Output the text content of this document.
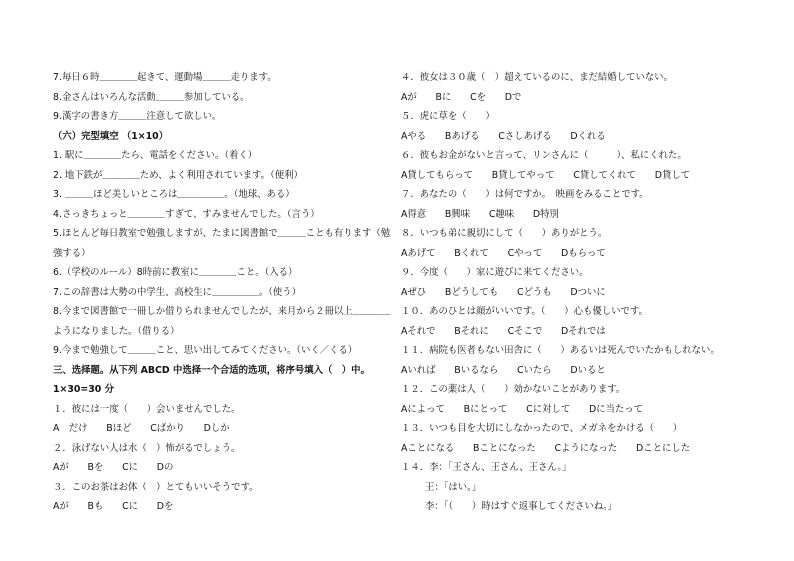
7.毎日６時＿＿＿＿起きて、運動場＿＿＿走ります。
8.金さんはいろんな活動＿＿＿参加している。
9.漢字の書き方＿＿＿注意して欲しい。
（六）完型填空 （1×10）
1. 駅に＿＿＿＿たら、電話をください。（着く）
2. 地下鉄が＿＿＿＿ため、よく利用されています。（便利）
3. ＿＿＿ほど美しいところは＿＿＿＿＿。（地球、ある）
4.さっきちょっと＿＿＿＿すぎて、すみませんでした。（言う）
5.ほとんど毎日教室で勉強しますが、たまに図書館で＿＿＿ことも有ります（勉
強する）
6.（学校のルール）8時前に教室に＿＿＿＿こと。（入る）
7.この辞書は大勢の中学生、高校生に＿＿＿＿＿。（使う）
8.今まで図書館で一冊しか借りられませんでしたが、来月から２冊以上＿＿＿＿
ようになりました。（借りる）
9.今まで勉強して＿＿＿こと、思い出してみてください。（いく／くる）
三、选择题。从下列 ABCD 中选择一个合适的选项，将序号填入（　）中。
1×30=30 分
１．彼には一度（　　）会いませんでした。
A　だけ　　Bほど　　Cばかり　　Dしか
２．泳げない人は水（　）怖がるでしょう。
Aが　　Bを　　Cに　　Dの
３．このお茶はお体（　）とてもいいそうです。
Aが　　Bも　　Cに　　Dを
４．彼女は３０歳（　）超えているのに、まだ結婚していない。
Aが　　Bに　　Cを　　Dで
５．虎に草を（　　）
Aやる　　Bあげる　　Cさしあげる　　Dくれる
６．彼もお金がないと言って、リンさんに（　　　）、私にくれた。
A貸してもらって　　B貸してやって　　C貸してくれて　　D貸して
７．あなたの（　　）は何ですか。　映画をみることです。
A得意　　B興味　　C趣味　　D特別
８．いつも弟に親切にして（　　）ありがとう。
Aあげて　　Bくれて　　Cやって　　Dもらって
９．今度（　　）家に遊びに来てください。
Aぜひ　　Bどうしても　　Cどうも　　Dついに
１０．あのひとは顔がいいです。（　　）心も優しいです。
Aそれで　　Bそれに　　Cそこで　　Dそれでは
１１．病院も医者もない田舎に（　　）あるいは死んでいたかもしれない。
Aいれば　　Bいるなら　　Cいたら　　Dいると
１２．この薬は人（　　）効かないことがあります。
Aによって　　Bにとって　　Cに対して　　Dに当たって
１３．いつも目を大切にしなかったので、メガネをかける（　　）
Aことになる　　Bことになった　　Cようになった　　Dことにした
１４．李：「王さん、王さん、王さん。」
王：「はい。」
李：「（　　）時はすぐ返事してくださいね。」
